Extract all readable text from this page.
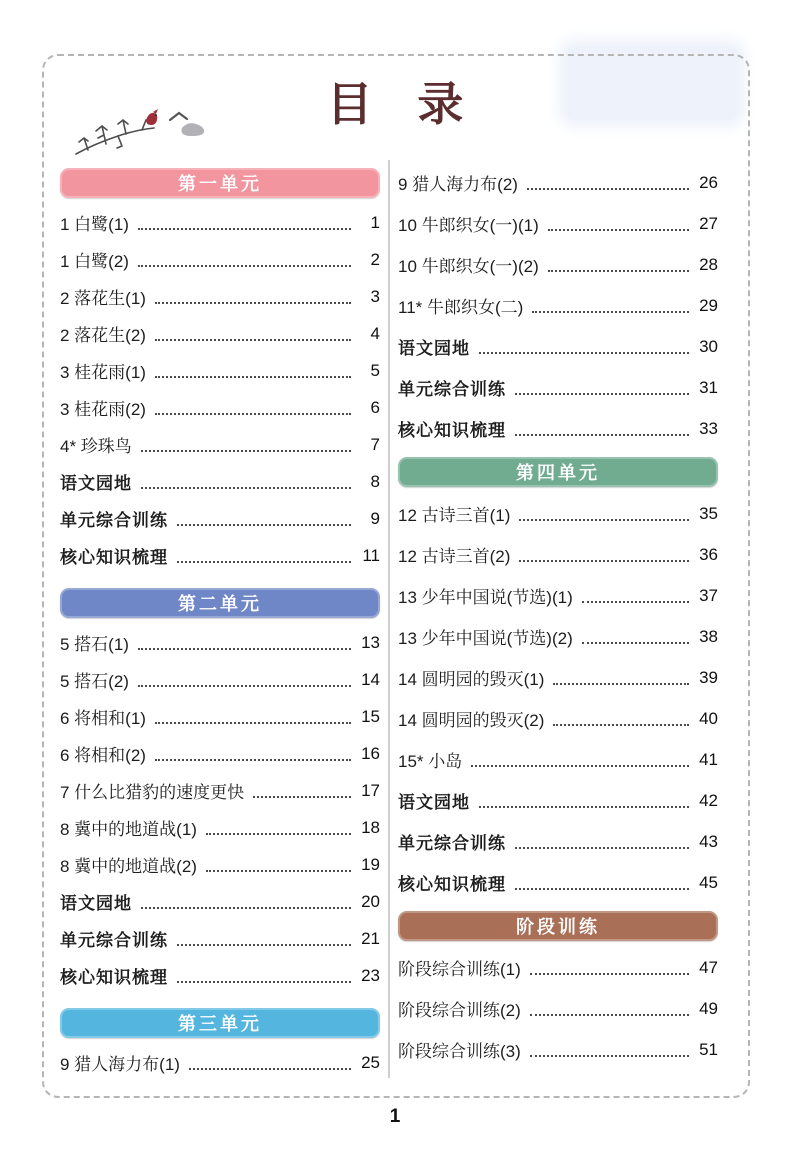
目 录
第一单元
1 白鹭(1)	1
1 白鹭(2)	2
2 落花生(1)	3
2 落花生(2)	4
3 桂花雨(1)	5
3 桂花雨(2)	6
4* 珍珠鸟	7
语文园地	8
单元综合训练	9
核心知识梳理	11
第二单元
5 搭石(1)	13
5 搭石(2)	14
6 将相和(1)	15
6 将相和(2)	16
7 什么比猎豹的速度更快	17
8 冀中的地道战(1)	18
8 冀中的地道战(2)	19
语文园地	20
单元综合训练	21
核心知识梳理	23
第三单元
9 猎人海力布(1)	25
9 猎人海力布(2)	26
10 牛郎织女(一)(1)	27
10 牛郎织女(一)(2)	28
11* 牛郎织女(二)	29
语文园地	30
单元综合训练	31
核心知识梳理	33
第四单元
12 古诗三首(1)	35
12 古诗三首(2)	36
13 少年中国说(节选)(1)	37
13 少年中国说(节选)(2)	38
14 圆明园的毁灭(1)	39
14 圆明园的毁灭(2)	40
15* 小岛	41
语文园地	42
单元综合训练	43
核心知识梳理	45
阶段训练
阶段综合训练(1)	47
阶段综合训练(2)	49
阶段综合训练(3)	51
1
